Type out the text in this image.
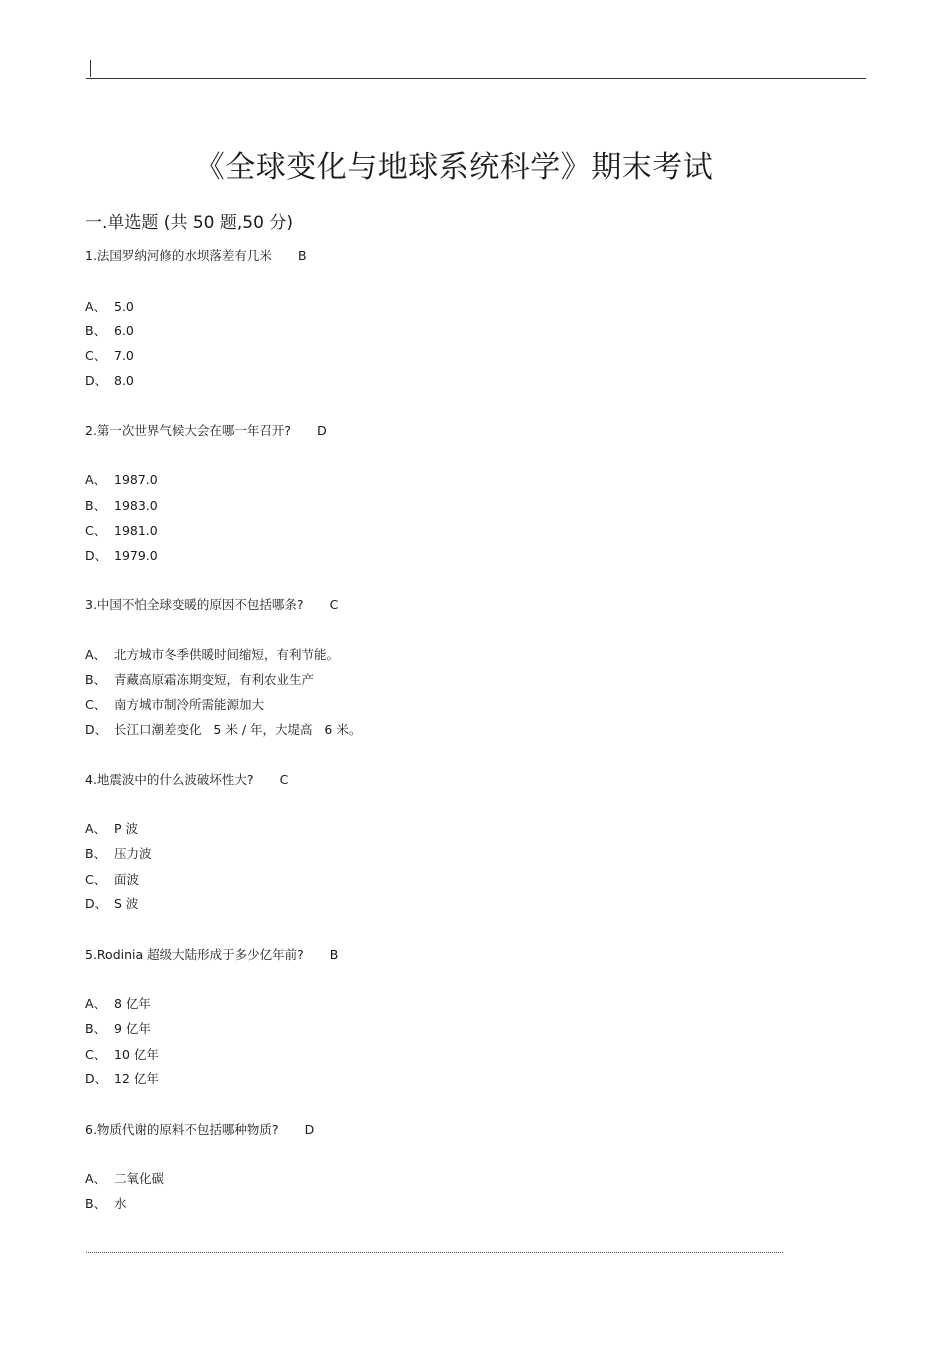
《全球变化与地球系统科学》期末考试
一.单选题 (共 50 题,50 分)
1.法国罗纳河修的水坝落差有几米 B
A、 5.0
B、 6.0
C、 7.0
D、 8.0
2.第一次世界气候大会在哪一年召开? D
A、 1987.0
B、 1983.0
C、 1981.0
D、 1979.0
3.中国不怕全球变暖的原因不包括哪条? C
A、 北方城市冬季供暖时间缩短，有利节能。
B、 青藏高原霜冻期变短，有利农业生产
C、 南方城市制冷所需能源加大
D、 长江口潮差变化   5 米 / 年，大堤高   6 米。
4.地震波中的什么波破坏性大? C
A、 P 波
B、 压力波
C、 面波
D、 S 波
5.Rodinia 超级大陆形成于多少亿年前? B
A、 8 亿年
B、 9 亿年
C、 10 亿年
D、 12 亿年
6.物质代谢的原料不包括哪种物质? D
A、 二氧化碳
B、 水
